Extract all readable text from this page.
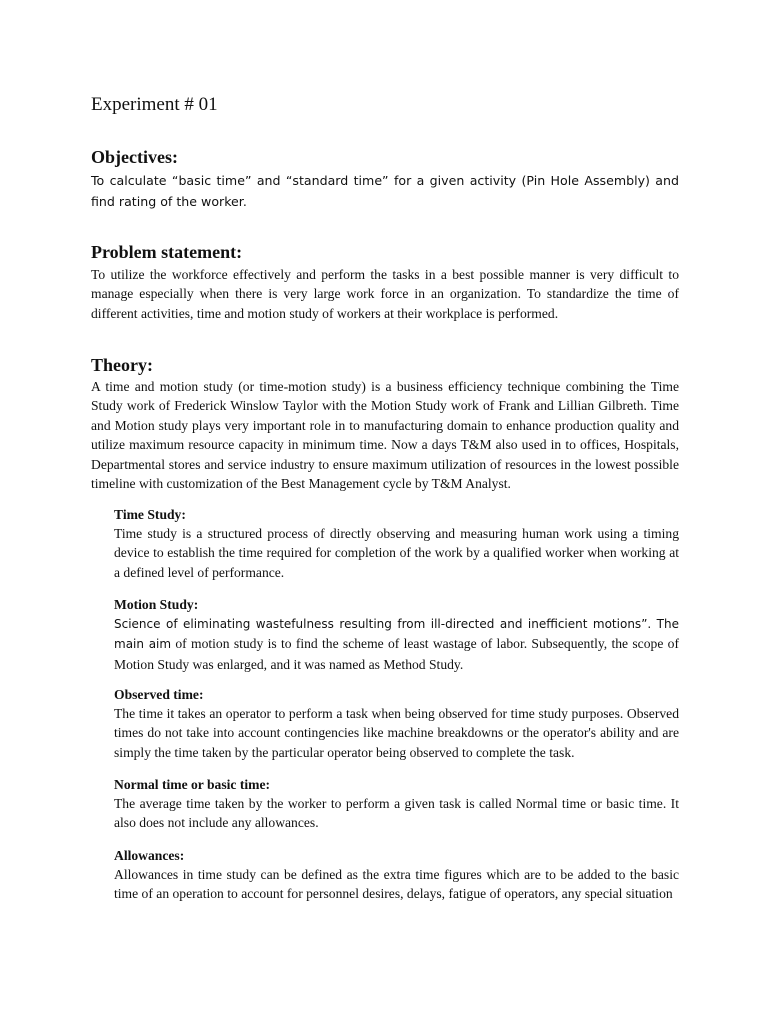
Experiment # 01
Objectives:

To calculate “basic time” and “standard time” for a given activity (Pin Hole Assembly) and find rating of the worker.

Problem statement:

To utilize the workforce effectively and perform the tasks in a best possible manner is very difficult to manage especially when there is very large work force in an organization. To standardize the time of different activities, time and motion study of workers at their workplace is performed.

Theory:

A time and motion study (or time-motion study) is a business efficiency technique combining the Time Study work of Frederick Winslow Taylor with the Motion Study work of Frank and Lillian Gilbreth. Time and Motion study plays very important role in to manufacturing domain to enhance production quality and utilize maximum resource capacity in minimum time. Now a days T&M also used in to offices, Hospitals, Departmental stores and service industry to ensure maximum utilization of resources in the lowest possible timeline with customization of the Best Management cycle by T&M Analyst.

Time Study:

Time study is a structured process of directly observing and measuring human work using a timing device to establish the time required for completion of the work by a qualified worker when working at a defined level of performance.

Motion Study:

Science of eliminating wastefulness resulting from ill-directed and inefficient motions”. The main aim of motion study is to find the scheme of least wastage of labor. Subsequently, the scope of Motion Study was enlarged, and it was named as Method Study.

Observed time:

The time it takes an operator to perform a task when being observed for time study purposes. Observed times do not take into account contingencies like machine breakdowns or the operator's ability and are simply the time taken by the particular operator being observed to complete the task.

Normal time or basic time:

The average time taken by the worker to perform a given task is called Normal time or basic time. It also does not include any allowances.

Allowances:

Allowances in time study can be defined as the extra time figures which are to be added to the basic time of an operation to account for personnel desires, delays, fatigue of operators, any special situation
